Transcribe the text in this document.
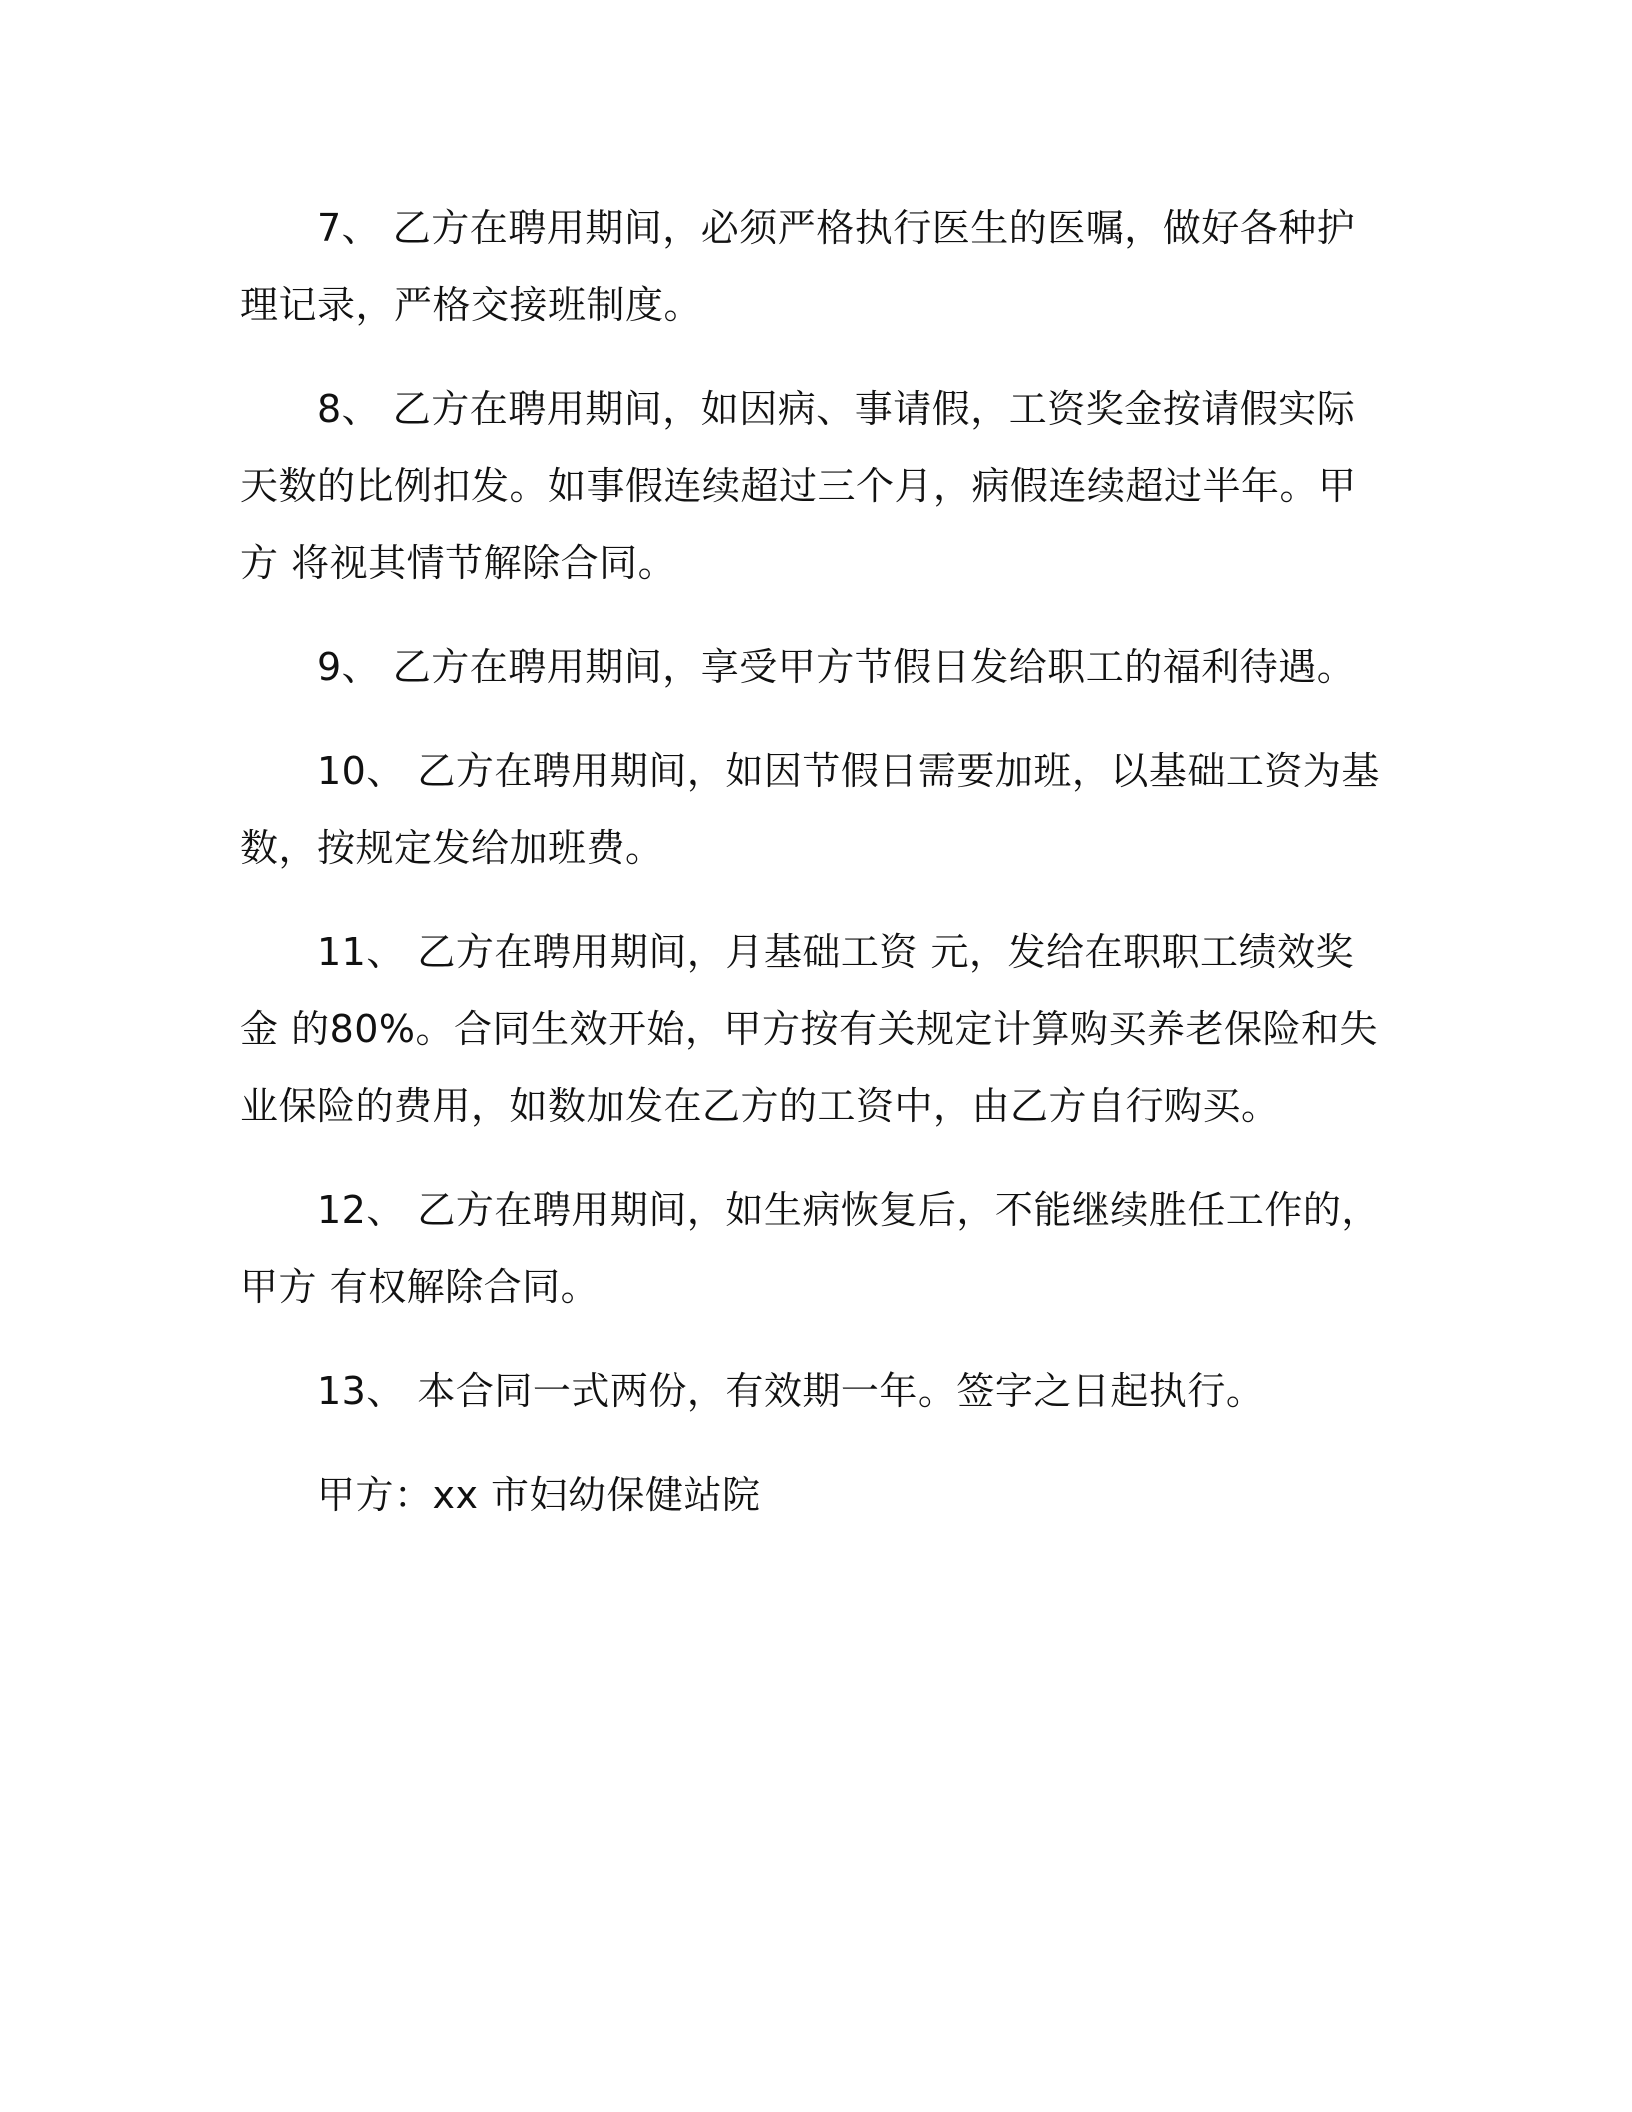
7、 乙方在聘用期间，必须严格执行医生的医嘱，做好各种护理记录，严格交接班制度。

8、 乙方在聘用期间，如因病、事请假，工资奖金按请假实际天数的比例扣发。如事假连续超过三个月，病假连续超过半年。甲方 将视其情节解除合同。

9、 乙方在聘用期间，享受甲方节假日发给职工的福利待遇。

10、 乙方在聘用期间，如因节假日需要加班，以基础工资为基数，按规定发给加班费。

11、 乙方在聘用期间，月基础工资 元，发给在职职工绩效奖金 的80%。合同生效开始，甲方按有关规定计算购买养老保险和失 业保险的费用，如数加发在乙方的工资中，由乙方自行购买。

12、 乙方在聘用期间，如生病恢复后，不能继续胜任工作的，甲方 有权解除合同。

13、 本合同一式两份，有效期一年。签字之日起执行。

甲方：xx 市妇幼保健站院
